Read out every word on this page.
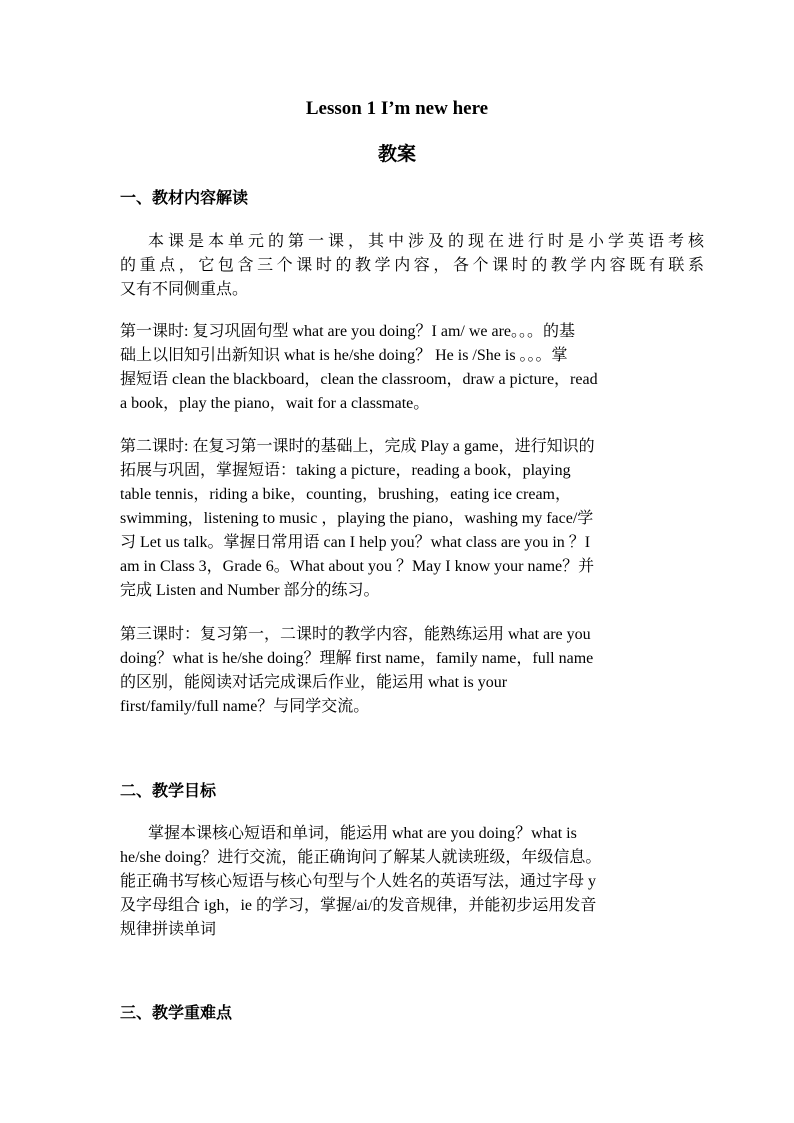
Lesson 1 I’m new here
教案
一、教材内容解读
本课是本单元的第一课，其中涉及的现在进行时是小学英语考核
的重点，它包含三个课时的教学内容，各个课时的教学内容既有联系
又有不同侧重点。
第一课时: 复习巩固句型 what are you doing？I am/ we are。。。的基
础上以旧知引出新知识 what is he/she doing？ He is /She is 。。。掌
握短语 clean the blackboard，clean the classroom，draw a picture，read
a book，play the piano，wait for a classmate。
第二课时: 在复习第一课时的基础上，完成 Play a game，进行知识的
拓展与巩固，掌握短语：taking a picture，reading a book，playing
table tennis，riding a bike，counting，brushing，eating ice cream，
swimming，listening to music ，playing the piano，washing my face/学
习 Let us talk。掌握日常用语 can I help you？what class are you in ？I
am in Class 3，Grade 6。What about you ？May I know your name？并
完成 Listen and Number 部分的练习。
第三课时：复习第一，二课时的教学内容，能熟练运用 what are you
doing？what is he/she doing？理解 first name，family name，full name
的区别，能阅读对话完成课后作业，能运用 what is your
first/family/full name？与同学交流。
二、教学目标
掌握本课核心短语和单词，能运用 what are you doing？what is
he/she doing？进行交流，能正确询问了解某人就读班级，年级信息。
能正确书写核心短语与核心句型与个人姓名的英语写法，通过字母 y
及字母组合 igh，ie 的学习，掌握/ai/的发音规律，并能初步运用发音
规律拼读单词
三、教学重难点
